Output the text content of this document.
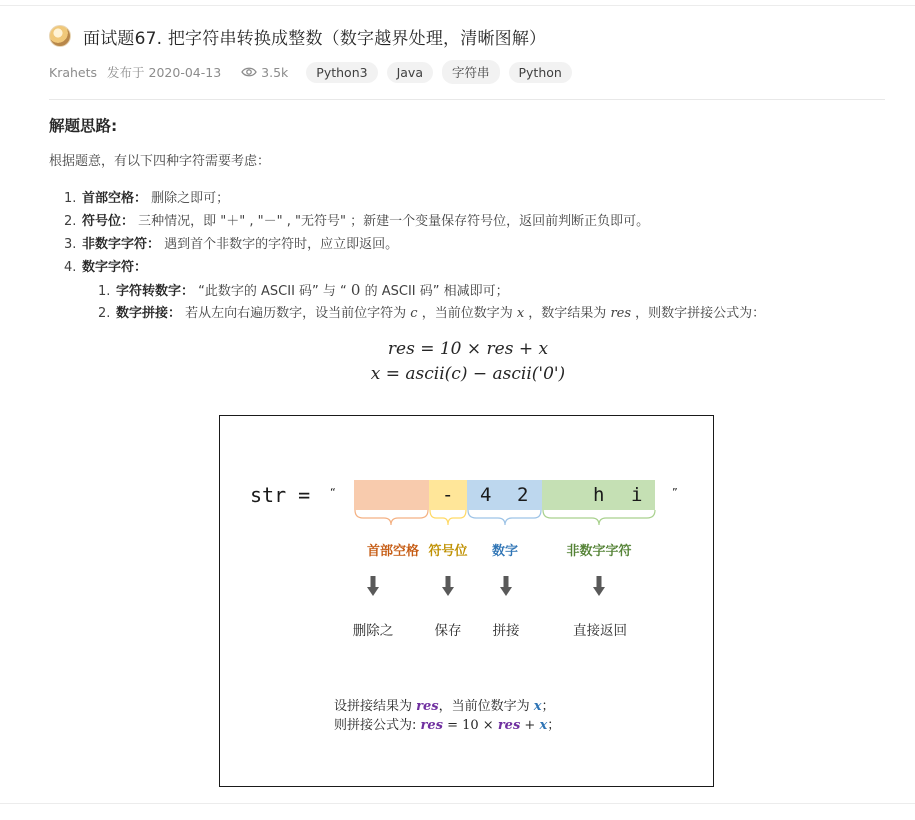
面试题67. 把字符串转换成整数（数字越界处理，清晰图解）
Krahets 发布于 2020-04-13	3.5k	Python3	Java	字符串	Python
解题思路:
根据题意，有以下四种字符需要考虑：
1. 首部空格： 删除之即可；
2. 符号位： 三种情况，即 "＋" , "－" , "无符号" ；新建一个变量保存符号位，返回前判断正负即可。
3. 非数字字符： 遇到首个非数字的字符时，应立即返回。
4. 数字字符：
1. 字符转数字： “此数字的 ASCII 码” 与 “ 0 的 ASCII 码” 相减即可；
2. 数字拼接： 若从左向右遍历数字，设当前位字符为 c ，当前位数字为 x ，数字结果为 res ，则数字拼接公式为：
res = 10 × res + x
x = ascii(c) − ascii('0')
str = “	- 4 2	h i	”
首部空格 符号位	数字	非数字字符
删除之	保存	拼接	直接返回
设拼接结果为 res，当前位数字为 x；
则拼接公式为: res = 10 × res + x；
